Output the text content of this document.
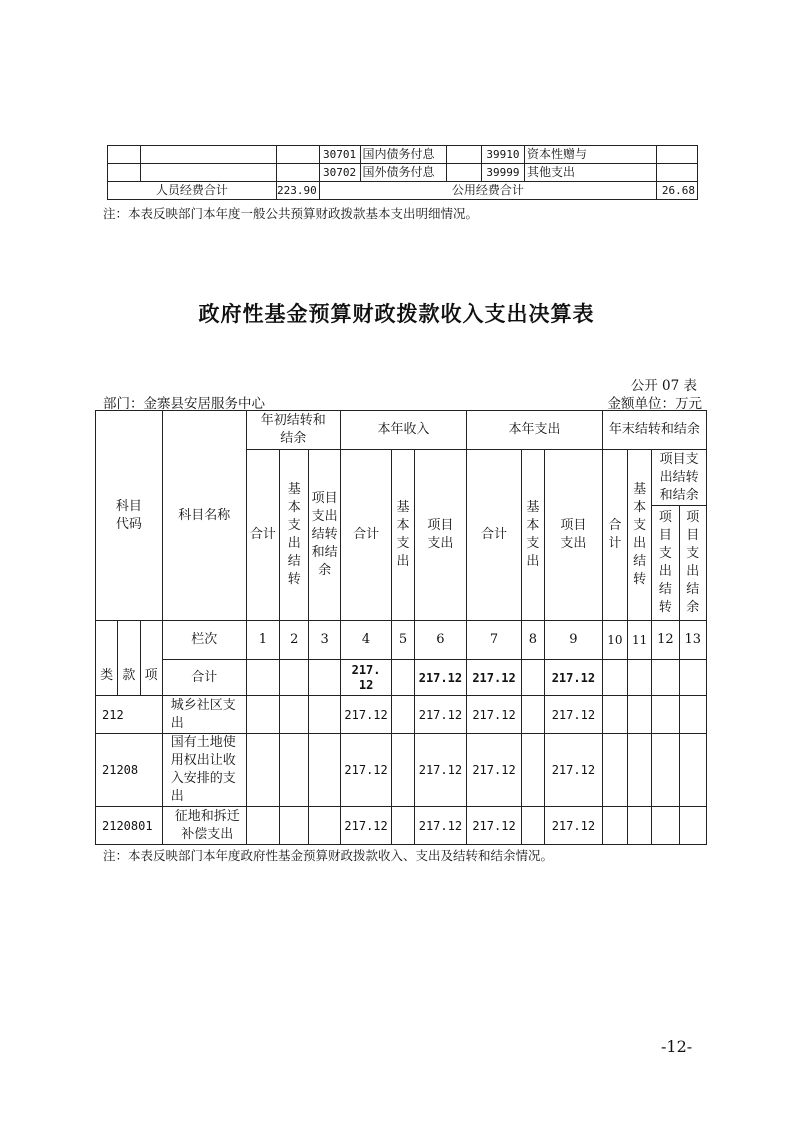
			30701	国内债务付息		39910	资本性赠与	
			30702	国外债务付息		39999	其他支出	
人员经费合计		223.90	公用经费合计					26.68
注：本表反映部门本年度一般公共预算财政拨款基本支出明细情况。
政府性基金预算财政拨款收入支出决算表
公开 07 表
部门：金寨县安居服务中心	金额单位：万元
科目代码			科目名称	年初结转和结余			本年收入			本年支出			年末结转和结余			
				合计	基本支出结转	项目支出结转和结余	合计	基本支出	项目支出	合计	基本支出	项目支出	合计	基本支出结转	项目支出结转和结余	
															项目支出结转	项目支出结余
类	款	项	栏次	1	2	3	4	5	6	7	8	9	10	11	12	13
			合计				217.12		217.12	217.12		217.12				
212			城乡社区支出				217.12		217.12	217.12		217.12				
21208			国有土地使用权出让收入安排的支出				217.12		217.12	217.12		217.12				
2120801			征地和拆迁补偿支出				217.12		217.12	217.12		217.12				
注：本表反映部门本年度政府性基金预算财政拨款收入、支出及结转和结余情况。
-12-
